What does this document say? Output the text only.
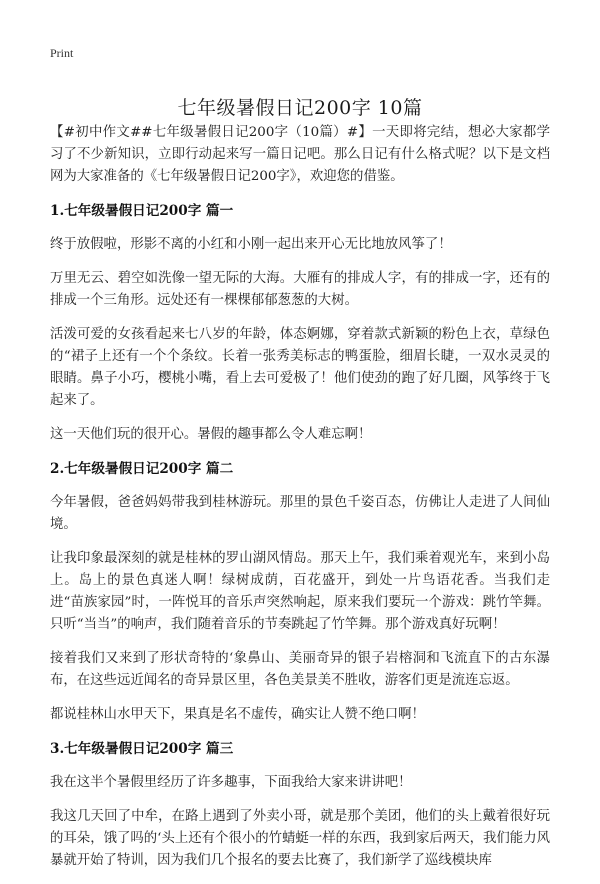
Print
七年级暑假日记200字 10篇

【#初中作文##七年级暑假日记200字（10篇）#】一天即将完结，想必大家都学习了不少新知识，立即行动起来写一篇日记吧。那么日记有什么格式呢？以下是文档网为大家准备的《七年级暑假日记200字》，欢迎您的借鉴。

1.七年级暑假日记200字 篇一

终于放假啦，形影不离的小红和小刚一起出来开心无比地放风筝了！

万里无云、碧空如洗像一望无际的大海。大雁有的排成人字，有的排成一字，还有的排成一个三角形。远处还有一棵棵郁郁葱葱的大树。

活泼可爱的女孩看起来七八岁的年龄，体态婀娜，穿着款式新颖的粉色上衣，草绿色的“裙子上还有一个个条纹。长着一张秀美标志的鸭蛋脸，细眉长睫，一双水灵灵的眼睛。鼻子小巧，樱桃小嘴，看上去可爱极了！他们使劲的跑了好几圈，风筝终于飞起来了。

这一天他们玩的很开心。暑假的趣事都么令人难忘啊！

2.七年级暑假日记200字 篇二

今年暑假，爸爸妈妈带我到桂林游玩。那里的景色千姿百态，仿佛让人走进了人间仙境。

让我印象最深刻的就是桂林的罗山湖风情岛。那天上午，我们乘着观光车，来到小岛上。岛上的景色真迷人啊！绿树成荫，百花盛开，到处一片鸟语花香。当我们走进“苗族家园”时，一阵悦耳的音乐声突然响起，原来我们要玩一个游戏：跳竹竿舞。只听“当当”的响声，我们随着音乐的节奏跳起了竹竿舞。那个游戏真好玩啊！

接着我们又来到了形状奇特的‘象鼻山、美丽奇异的银子岩榕洞和飞流直下的古东瀑布，在这些远近闻名的奇异景区里，各色美景美不胜收，游客们更是流连忘返。

都说桂林山水甲天下，果真是名不虚传，确实让人赞不绝口啊！

3.七年级暑假日记200字 篇三

我在这半个暑假里经历了许多趣事，下面我给大家来讲讲吧！

我这几天回了中牟，在路上遇到了外卖小哥，就是那个美团，他们的头上戴着很好玩的耳朵，饿了吗的‘头上还有个很小的竹蜻蜓一样的东西，我到家后两天，我们能力风暴就开始了特训，因为我们几个报名的要去比赛了，我们新学了巡线模块库
